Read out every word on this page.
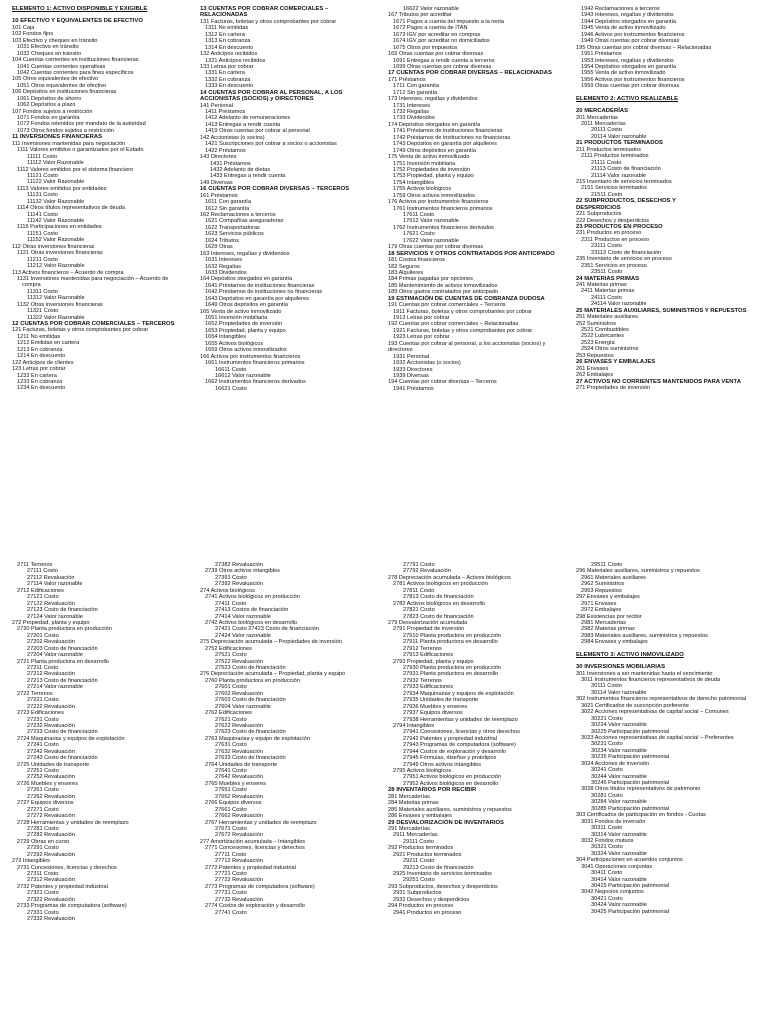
ELEMENTO 1: ACTIVO DISPONIBLE Y EXIGIBLE
10 EFECTIVO Y EQUIVALENTES DE EFECTIVO
101 Caja
102 Fondos fijos
103 Efectivo y cheques en tránsito
1031 Efectivo en tránsito
1032 Cheques en tránsito
104 Cuentas corrientes en instituciones financieras
1041 Cuentas corrientes operativas
1042 Cuentas corrientes para fines específicos
105 Otros equivalentes de efectivo
1051 Otros equivalentes de efectivo
106 Depósitos en instituciones financieras
1061 Depósitos de ahorro
1062 Depósitos a plazo
107 Fondos sujetos a restricción
1071 Fondos en garantía
1072 Fondos retenidos por mandato de la autoridad
1073 Otros fondos sujetos a restricción
11 INVERSIONES FINANCIERAS
111 Inversiones mantenidas para negociación
1111 Valores emitidos o garantizados por el Estado
11111 Costo
11112 Valor Razonable
1112 Valores emitidos por el sistema financiero
11121 Costo
11122 Valor Razonable
1113 Valores emitidos por entidades
11131 Costo
11132 Valor Razonable
1114 Otros títulos representativos de deuda
11141 Costo
11142 Valor Razonable
1115 Participaciones en entidades
11151 Costo
11152 Valor Razonable
112 Otras inversiones financieras
1121 Otras inversiones financieras
11211 Costo
11212 Valor Razonable
113 Activos financieros – Acuerdo de compra
1131 Inversiones mantenidas para negociación – Acuerdo de
compra
11311 Costo
11312 Valor Razonable
1132 Otras inversiones financieras
11321 Costo
11322 Valor Razonable
12 CUENTAS POR COBRAR COMERCIALES – TERCEROS
121 Facturas, boletas y otros comprobantes por cobrar
1211 No emitidas
1212 Emitidas en cartera
1213 En cobranza
1214 En descuento
122 Anticipos de clientes
123 Letras por cobrar
1232 En cartera
1233 En cobranza
1234 En descuento
13 CUENTAS POR COBRAR COMERCIALES –
RELACIONADAS
131 Facturas, boletas y otros comprobantes por cobrar
1311 No emitidas
1312 En cartera
1313 En cobranza
1314 En descuento
132 Anticipos recibidos
1321 Anticipos recibidos
133 Letras por cobrar
1331 En cartera
1332 En cobranza
1333 En descuento
14 CUENTAS POR COBRAR AL PERSONAL, A LOS
ACCIONISTAS (SOCIOS) y DIRECTORES
141 Personal
1411 Préstamos
1412 Adelanto de remuneraciones
1413 Entregas a rendir cuenta
1419 Otras cuentas por cobrar al personal
142 Accionistas (o socios)
1421 Suscripciones por cobrar a socios o accionistas
1422 Préstamos
143 Directores
1431 Préstamos
1432 Adelanto de dietas
1433 Entregas a rendir cuenta
149 Diversas
16 CUENTAS POR COBRAR DIVERSAS – TERCEROS
161 Préstamos
1611 Con garantía
1612 Sin garantía
162 Reclamaciones a terceros
1621 Compañías aseguradoras
1622 Transportadoras
1623 Servicios públicos
1624 Tributos
1629 Otras
163 Intereses, regalías y dividendos
1631 Intereses
1632 Regalías
1633 Dividendos
164 Depósitos otorgados en garantía
1641 Préstamos de instituciones financieras
1642 Préstamos de instituciones no financieras
1643 Depósitos en garantía por alquileres
1649 Otros depósitos en garantía
165 Venta de activo inmovilizado
1651 Inversión mobiliaria
1652 Propiedades de inversión
1653 Propiedad, planta y equipo
1654 Intangibles
1655 Activos biológicos
1659 Otros activos inmovilizados
166 Activos por instrumentos financieros
1661 Instrumentos financieros primarios
16611 Costo
16612 Valor razonable
1662 Instrumentos financieros derivados
16621 Costo
16622 Valor razonable
167 Tributos por acreditar
1671 Pagos a cuenta del impuesto a la renta
1672 Pagos a cuenta de ITAN
1673 IGV por acreditar en compras
1674 IGV por acreditar no domiciliados
1675 Otros por impuestos
169 Otras cuentas por cobrar diversas
1691 Entregas a rendir cuenta a terceros
1699 Otras cuentas por cobrar diversas
17 CUENTAS POR COBRAR DIVERSAS – RELACIONADAS
171 Préstamos
1711 Con garantía
1712 Sin garantía
173 Intereses, regalías y dividendos
1731 Intereses
1732 Regalías
1733 Dividendos
174 Depósitos otorgados en garantía
1741 Préstamos de instituciones financieras
1742 Préstamos de instituciones no financieras
1743 Depósitos en garantía por alquileres
1749 Otros depósitos en garantía
175 Venta de activo inmovilizado
1751 Inversión mobiliaria
1752 Propiedades de inversión
1753 Propiedad, planta y equipo
1754 Intangibles
1755 Activos biológicos
1759 Otros activos inmovilizados
176 Activos por instrumentos financieros
1761 Instrumentos financieros primarios
17611 Costo
17612 Valor razonable
1762 Instrumentos financieros derivados
17621 Costo
17622 Valor razonable
179 Otras cuentas por cobrar diversas
18 SERVICIOS Y OTROS CONTRATADOS POR ANTICIPADO
181 Costos financieros
182 Seguros
183 Alquileres
184 Primas pagadas por opciones
185 Mantenimiento de activos inmovilizados
189 Otros gastos contratados por anticipado
19 ESTIMACIÓN DE CUENTAS DE COBRANZA DUDOSA
191 Cuentas por cobrar comerciales – Terceros
1911 Facturas, boletas y otros comprobantes por cobrar
1913 Letras por cobrar
192 Cuentas por cobrar comerciales – Relacionadas
1921 Facturas, boletas y otros comprobantes por cobrar
1923 Letras por cobrar
193 Cuentas por cobrar al personal, a los accionistas (socios) y
directores
1931 Personal
1932 Accionistas (o socios)
1933 Directores
1939 Diversas
194 Cuentas por cobrar diversas – Terceros
1941 Préstamos
1942 Reclamaciones a terceros
1943 Intereses, regalías y dividendos
1944 Depósitos otorgados en garantía
1945 Venta de activo inmovilizado
1946 Activos por instrumentos financieros
1949 Otras cuentas por cobrar diversas
195 Otras cuentas por cobrar diversas – Relacionadas
1951 Préstamos
1953 Intereses, regalías y dividendos
1954 Depósitos otorgados en garantía
1955 Venta de activo inmovilizado
1956 Activos por instrumentos financieros
1959 Otras cuentas por cobrar diversas
ELEMENTO 2: ACTIVO REALIZABLE
20 MERCADERÍAS
201 Mercaderías
2011 Mercaderías
20111 Costo
20114 Valor razonable
21 PRODUCTOS TERMINADOS
211 Productos terminados
2111 Productos terminados
21111 Costo
21113 Costo de financiación
21114 Valor razonable
215 Inventario de servicios terminados
2151 Servicios terminados
21511 Costo
22 SUBPRODUCTOS, DESECHOS Y
DESPERDICIOS
221 Subproductos
222 Desechos y desperdicios
23 PRODUCTOS EN PROCESO
231 Productos en proceso
2311 Productos en proceso
23111 Costo
23113 Costo de financiación
235 Inventario de servicios en proceso
2351 Servicios en proceso
23511 Costo
24 MATERIAS PRIMAS
241 Materias primas
2411 Materias primas
24111 Costo
24114 Valor razonable
25 MATERIALES AUXILIARES, SUMINISTROS Y REPUESTOS
251 Materiales auxiliares
252 Suministros
2521 Combustibles
2522 Lubricantes
2523 Energía
2524 Otros suministros
253 Repuestos
26 ENVASES Y EMBALAJES
261 Envases
262 Embalajes
27 ACTIVOS NO CORRIENTES MANTENIDOS PARA VENTA
271 Propiedades de inversión
2711 Terrenos
27111 Costo
27112 Revaluación
27114 Valor razonable
2712 Edificaciones
27121 Costo
27122 Revaluación
27123 Costo de financiación
27124 Valor razonable
272 Propiedad, planta y equipo
2720 Planta productora en producción
27201 Costo
27202 Revaluación
27203 Costo de financiación
27204 Valor razonable
2721 Planta productora en desarrollo
27211 Costo
27212 Revaluación
27213 Costo de financiación
27214 Valor razonable
2722 Terrenos
27221 Costo
27222 Revaluación
2723 Edificaciones
27231 Costo
27232 Revaluación
27233 Costo de financiación
2724 Maquinarias y equipos de explotación
27241 Costo
27242 Revaluación
27243 Costo de financiación
2725 Unidades de transporte
27251 Costo
27252 Revaluación
2726 Muebles y enseres
27261 Costo
27262 Revaluación
2727 Equipos diversos
27271 Costo
27272 Revaluación
2728 Herramientas y unidades de reemplazo
27281 Costo
27282 Revaluación
2729 Obras en curso
27291 Costo
27292 Revaluación
273 Intangibles
2731 Concesiones, licencias y derechos
27311 Costo
27312 Revaluación
2732 Patentes y propiedad industrial
27321 Costo
27322 Revaluación
2733 Programas de computadora (software)
27331 Costo
27332 Revaluación
27382 Revaluación
2739 Otros activos intangibles
27391 Costo
27392 Revaluación
274 Activos biológicos
2741 Activos biológicos en producción
27411 Costo
27413 Costos de financiación
27414 Valor razonable
2742 Activos biológicos en desarrollo
27421 Costo 27423 Costo de financiación
27424 Valor razonable
275 Depreciación acumulada – Propiedades de inversión
2752 Edificaciones
27521 Costo
27522 Revaluación
27523 Costo de financiación
276 Depreciación acumulada – Propiedad, planta y equipo
2760 Planta productora en producción
27601 Costo
27602 Revaluación
27603 Costo de financiación
27604 Valor razonable
2762 Edificaciones
27621 Costo
27622 Revaluación
27623 Costo de financiación
2763 Maquinarias y equipo de explotación
27631 Costo
27632 Revaluación
27633 Costo de financiación
2764 Unidades de transporte
27641 Costo
27642 Revaluación
2765 Muebles y enseres
27651 Costo
27652 Revaluación
2766 Equipos diversos
27661 Costo
27662 Revaluación
2767 Herramientas y unidades de reemplazo
27671 Costo
27672 Revaluación
277 Amortización acumulada – Intangibles
2771 Concesiones, licencias y derechos
27711 Costo
27712 Revaluación
2772 Patentes y propiedad industrial
27721 Costo
27722 Revaluación
2773 Programas de computadora (software)
27731 Costo
27732 Revaluación
2774 Costos de exploración y desarrollo
27741 Costo
27791 Costo
27792 Revaluación
278 Depreciación acumulada – Activos biológicos
2781 Activos biológicos en producción
27811 Costo
27813 Costo de financiación
2782 Activos biológicos en desarrollo
27821 Costo
27823 Costo de financiación
279 Desvalorización acumulada
2791 Propiedad de inversión
27910 Planta productora en producción
27911 Planta productora en desarrollo
27912 Terrenos
27913 Edificaciones
2793 Propiedad, planta y equipo
27930 Planta productora en producción
27931 Planta productora en desarrollo
27932 Terrenos
27933 Edificaciones
27934 Maquinarias y equipos de explotación
27935 Unidades de transporte
27936 Muebles y enseres
27937 Equipos diversos
27938 Herramientas y unidades de reemplazo
2794 Intangibles
27941 Concesiones, licencias y otros derechos
27942 Patentes y propiedad industrial
27943 Programas de computadora (software)
27944 Costos de exploración y desarrollo
27945 Fórmulas, diseños y prototipos
27949 Otros activos intangibles
2795 Activos biológicos
27951 Activos biológicos en producción
27952 Activos biológicos en desarrollo
28 INVENTARIOS POR RECIBIR
281 Mercaderías
284 Materias primas
285 Materiales auxiliares, suministros y repuestos
286 Envases y embalajes
29 DESVALORIZACIÓN DE INVENTARIOS
291 Mercaderías
2911 Mercaderías
29111 Costo
292 Productos terminados
2921 Productos terminados
29211 Costo
29213 Costo de financiación
2925 Inventario de servicios terminados
29251 Costo
293 Subproductos, desechos y desperdicios
2931 Subproductos
2932 Desechos y desperdicios
294 Productos en proceso
2941 Productos en proceso
29511 Costo
296 Materiales auxiliares, suministros y repuestos
2961 Materiales auxiliares
2962 Suministros
2963 Repuestos
297 Envases y embalajes
2971 Envases
2972 Embalajes
298 Existencias por recibir
2981 Mercaderías
2982 Materias primas
2983 Materiales auxiliares, suministros y repuestos
2984 Envases y embalajes
ELEMENTO 3: ACTIVO INMOVILIZADO
30 INVERSIONES MOBILIARIAS
301 Inversiones a ser mantenidas hasta el vencimiento
3011 Instrumentos financieros representativos de deuda
30111 Costo
30114 Valor razonable
302 Instrumentos financieros representativos de derecho patrimonial
3021 Certificados de suscripción preferente
3022 Acciones representativas de capital social – Comunes
30221 Costo
30224 Valor razonable
30225 Participación patrimonial
3023 Acciones representativas de capital social – Preferentes
30231 Costo
30234 Valor razonable
30235 Participación patrimonial
3024 Acciones de inversión
30241 Costo
30244 Valor razonable
30245 Participación patrimonial
3028 Otros títulos representativos de patrimonio
30281 Costo
30284 Valor razonable
30285 Participación patrimonial
303 Certificados de participación en fondos - Cuotas
3031 Fondos de inversión
30311 Costo
30314 Valor razonable
3032 Fondos mutuos
30321 Costo
30324 Valor razonable
304 Participaciones en acuerdos conjuntos
3041 Operaciones conjuntas
30411 Costo
30414 Valor razonable
30415 Participación patrimonial
3042 Negocios conjuntos
30421 Costo
30424 Valor razonable
30425 Participación patrimonial
